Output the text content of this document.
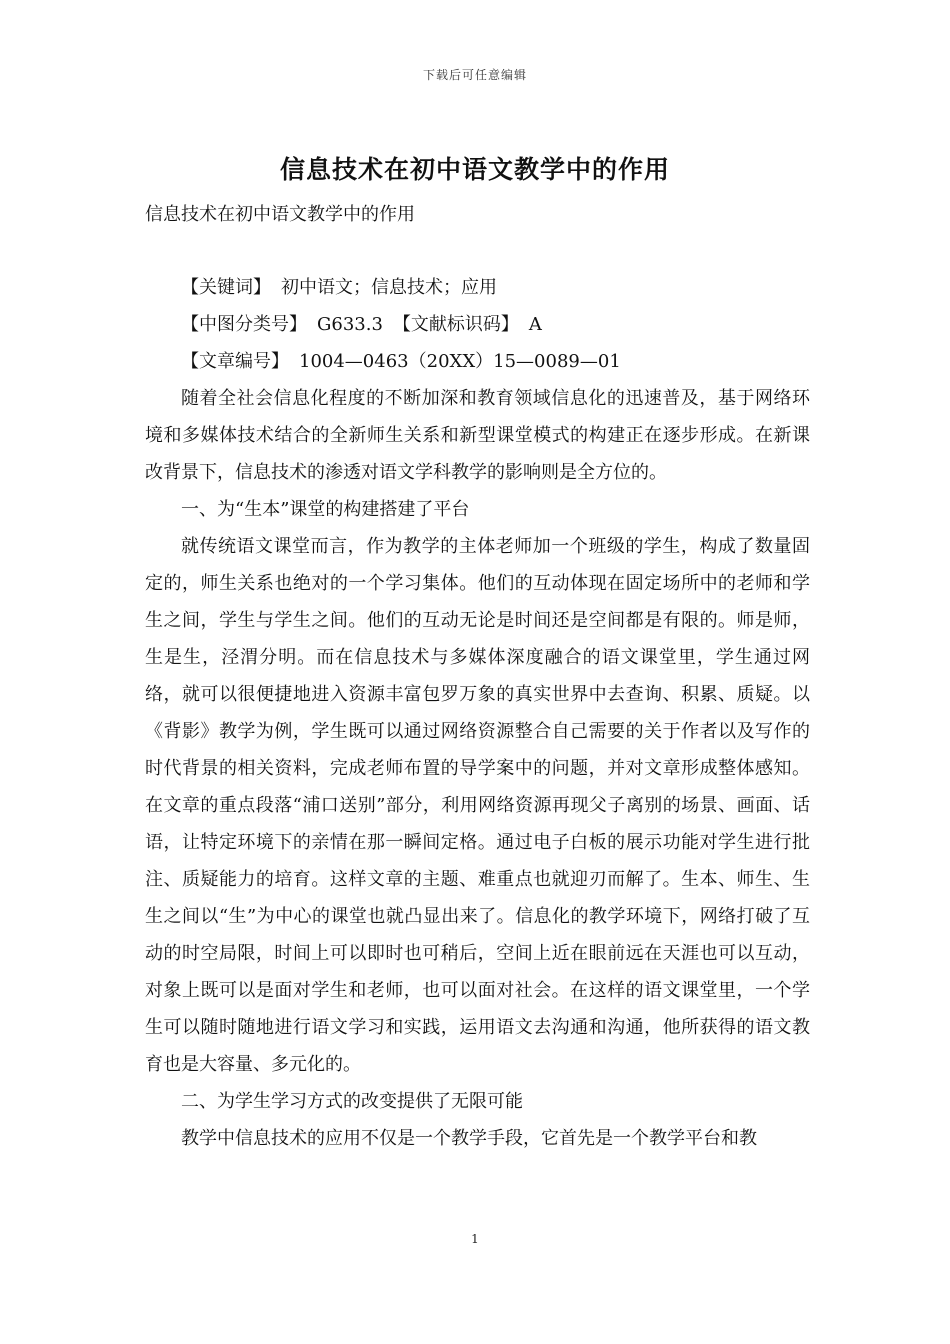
下载后可任意编辑
信息技术在初中语文教学中的作用

信息技术在初中语文教学中的作用

【关键词】 初中语文；信息技术；应用

【中图分类号】 G633.3 【文献标识码】 A

【文章编号】 1004—0463（20XX）15—0089—01

随着全社会信息化程度的不断加深和教育领域信息化的迅速普及，基于网络环境和多媒体技术结合的全新师生关系和新型课堂模式的构建正在逐步形成。在新课改背景下，信息技术的渗透对语文学科教学的影响则是全方位的。

一、为“生本”课堂的构建搭建了平台

就传统语文课堂而言，作为教学的主体老师加一个班级的学生，构成了数量固定的，师生关系也绝对的一个学习集体。他们的互动体现在固定场所中的老师和学生之间，学生与学生之间。他们的互动无论是时间还是空间都是有限的。师是师，生是生，泾渭分明。而在信息技术与多媒体深度融合的语文课堂里，学生通过网络，就可以很便捷地进入资源丰富包罗万象的真实世界中去查询、积累、质疑。以《背影》教学为例，学生既可以通过网络资源整合自己需要的关于作者以及写作的时代背景的相关资料，完成老师布置的导学案中的问题，并对文章形成整体感知。在文章的重点段落“浦口送别”部分，利用网络资源再现父子离别的场景、画面、话语，让特定环境下的亲情在那一瞬间定格。通过电子白板的展示功能对学生进行批注、质疑能力的培育。这样文章的主题、难重点也就迎刃而解了。生本、师生、生生之间以“生”为中心的课堂也就凸显出来了。信息化的教学环境下，网络打破了互动的时空局限，时间上可以即时也可稍后，空间上近在眼前远在天涯也可以互动，对象上既可以是面对学生和老师，也可以面对社会。在这样的语文课堂里，一个学生可以随时随地进行语文学习和实践，运用语文去沟通和沟通，他所获得的语文教育也是大容量、多元化的。

二、为学生学习方式的改变提供了无限可能

教学中信息技术的应用不仅是一个教学手段，它首先是一个教学平台和教

1
